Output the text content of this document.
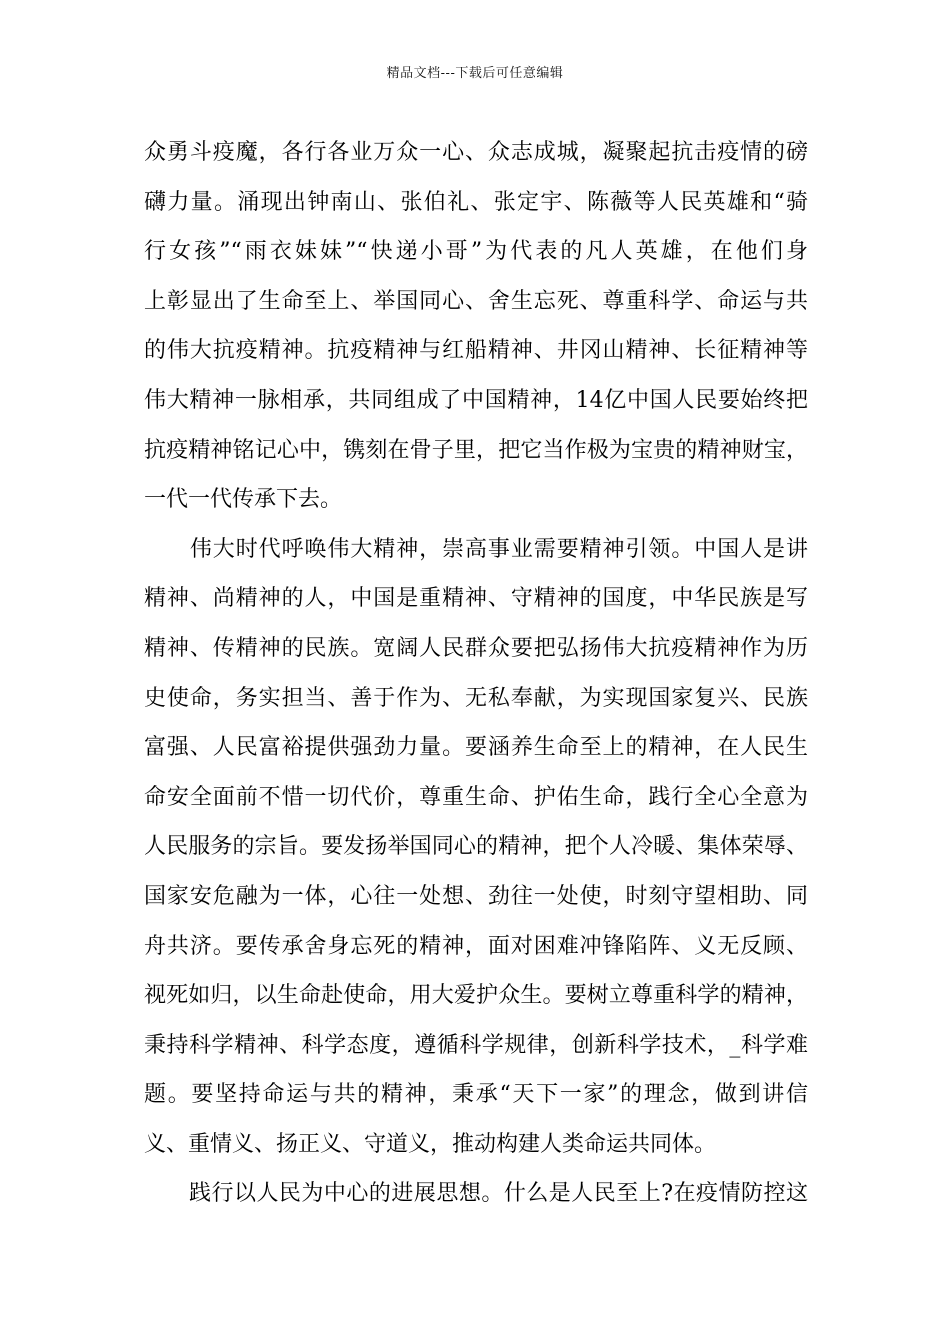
精品文档---下载后可任意编辑
众勇斗疫魔，各行各业万众一心、众志成城，凝聚起抗击疫情的磅
礴力量。涌现出钟南山、张伯礼、张定宇、陈薇等人民英雄和“骑
行女孩”“雨衣妹妹”“快递小哥”为代表的凡人英雄，在他们身
上彰显出了生命至上、举国同心、舍生忘死、尊重科学、命运与共
的伟大抗疫精神。抗疫精神与红船精神、井冈山精神、长征精神等
伟大精神一脉相承，共同组成了中国精神，14亿中国人民要始终把
抗疫精神铭记心中，镌刻在骨子里，把它当作极为宝贵的精神财宝，
一代一代传承下去。
　　伟大时代呼唤伟大精神，崇高事业需要精神引领。中国人是讲
精神、尚精神的人，中国是重精神、守精神的国度，中华民族是写
精神、传精神的民族。宽阔人民群众要把弘扬伟大抗疫精神作为历
史使命，务实担当、善于作为、无私奉献，为实现国家复兴、民族
富强、人民富裕提供强劲力量。要涵养生命至上的精神，在人民生
命安全面前不惜一切代价，尊重生命、护佑生命，践行全心全意为
人民服务的宗旨。要发扬举国同心的精神，把个人冷暖、集体荣辱、
国家安危融为一体，心往一处想、劲往一处使，时刻守望相助、同
舟共济。要传承舍身忘死的精神，面对困难冲锋陷阵、义无反顾、
视死如归，以生命赴使命，用大爱护众生。要树立尊重科学的精神，
秉持科学精神、科学态度，遵循科学规律，创新科学技术，_科学难
题。要坚持命运与共的精神，秉承“天下一家”的理念，做到讲信
义、重情义、扬正义、守道义，推动构建人类命运共同体。
　　践行以人民为中心的进展思想。什么是人民至上?在疫情防控这
